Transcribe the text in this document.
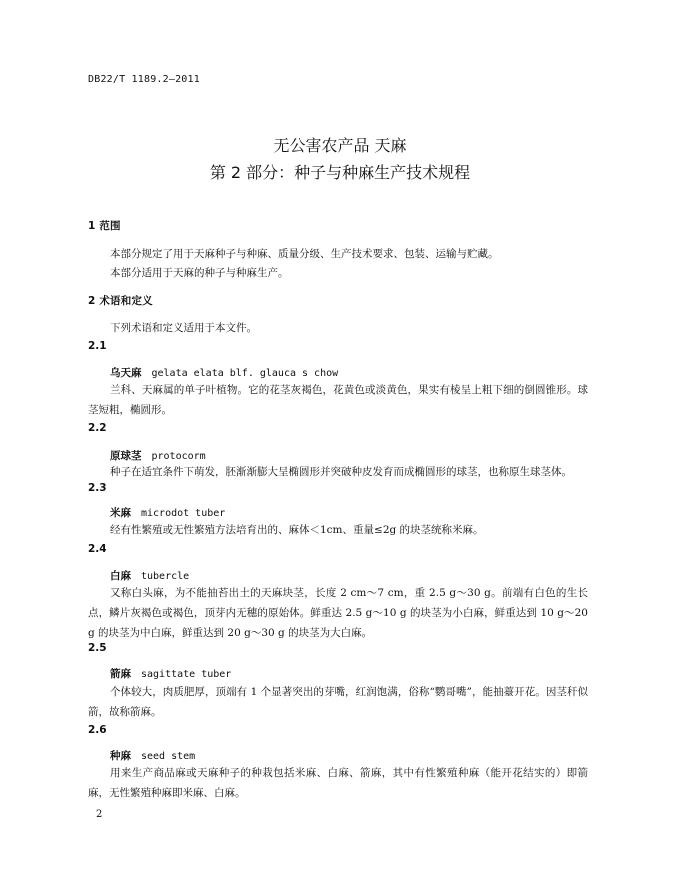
DB22/T 1189.2—2011
无公害农产品 天麻
第 2 部分：种子与种麻生产技术规程
1 范围
本部分规定了用于天麻种子与种麻、质量分级、生产技术要求、包装、运输与贮藏。
本部分适用于天麻的种子与种麻生产。
2 术语和定义
下列术语和定义适用于本文件。
2.1
乌天麻 gelata elata blf. glauca s chow
兰科、天麻属的单子叶植物。它的花茎灰褐色，花黄色或淡黄色，果实有棱呈上粗下细的倒圆锥形。球茎短粗，椭圆形。
2.2
原球茎 protocorm
种子在适宜条件下萌发，胚渐渐膨大呈椭圆形并突破种皮发育而成椭圆形的球茎，也称原生球茎体。
2.3
米麻 microdot tuber
经有性繁殖或无性繁殖方法培育出的、麻体＜1cm、重量≤2g 的块茎统称米麻。
2.4
白麻 tubercle
又称白头麻，为不能抽苔出土的天麻块茎，长度 2 cm～7 cm，重 2.5 g～30 g。前端有白色的生长点，鳞片灰褐色或褐色，顶芽内无穗的原始体。鲜重达 2.5 g～10 g 的块茎为小白麻，鲜重达到 10 g～20 g 的块茎为中白麻，鲜重达到 20 g～30 g 的块茎为大白麻。
2.5
箭麻 sagittate tuber
个体较大，肉质肥厚，顶端有 1 个显著突出的芽嘴，红润饱满，俗称“鹦哥嘴”，能抽薹开花。因茎秆似箭，故称箭麻。
2.6
种麻 seed stem
用来生产商品麻或天麻种子的种栽包括米麻、白麻、箭麻，其中有性繁殖种麻（能开花结实的）即箭麻，无性繁殖种麻即米麻、白麻。
2
